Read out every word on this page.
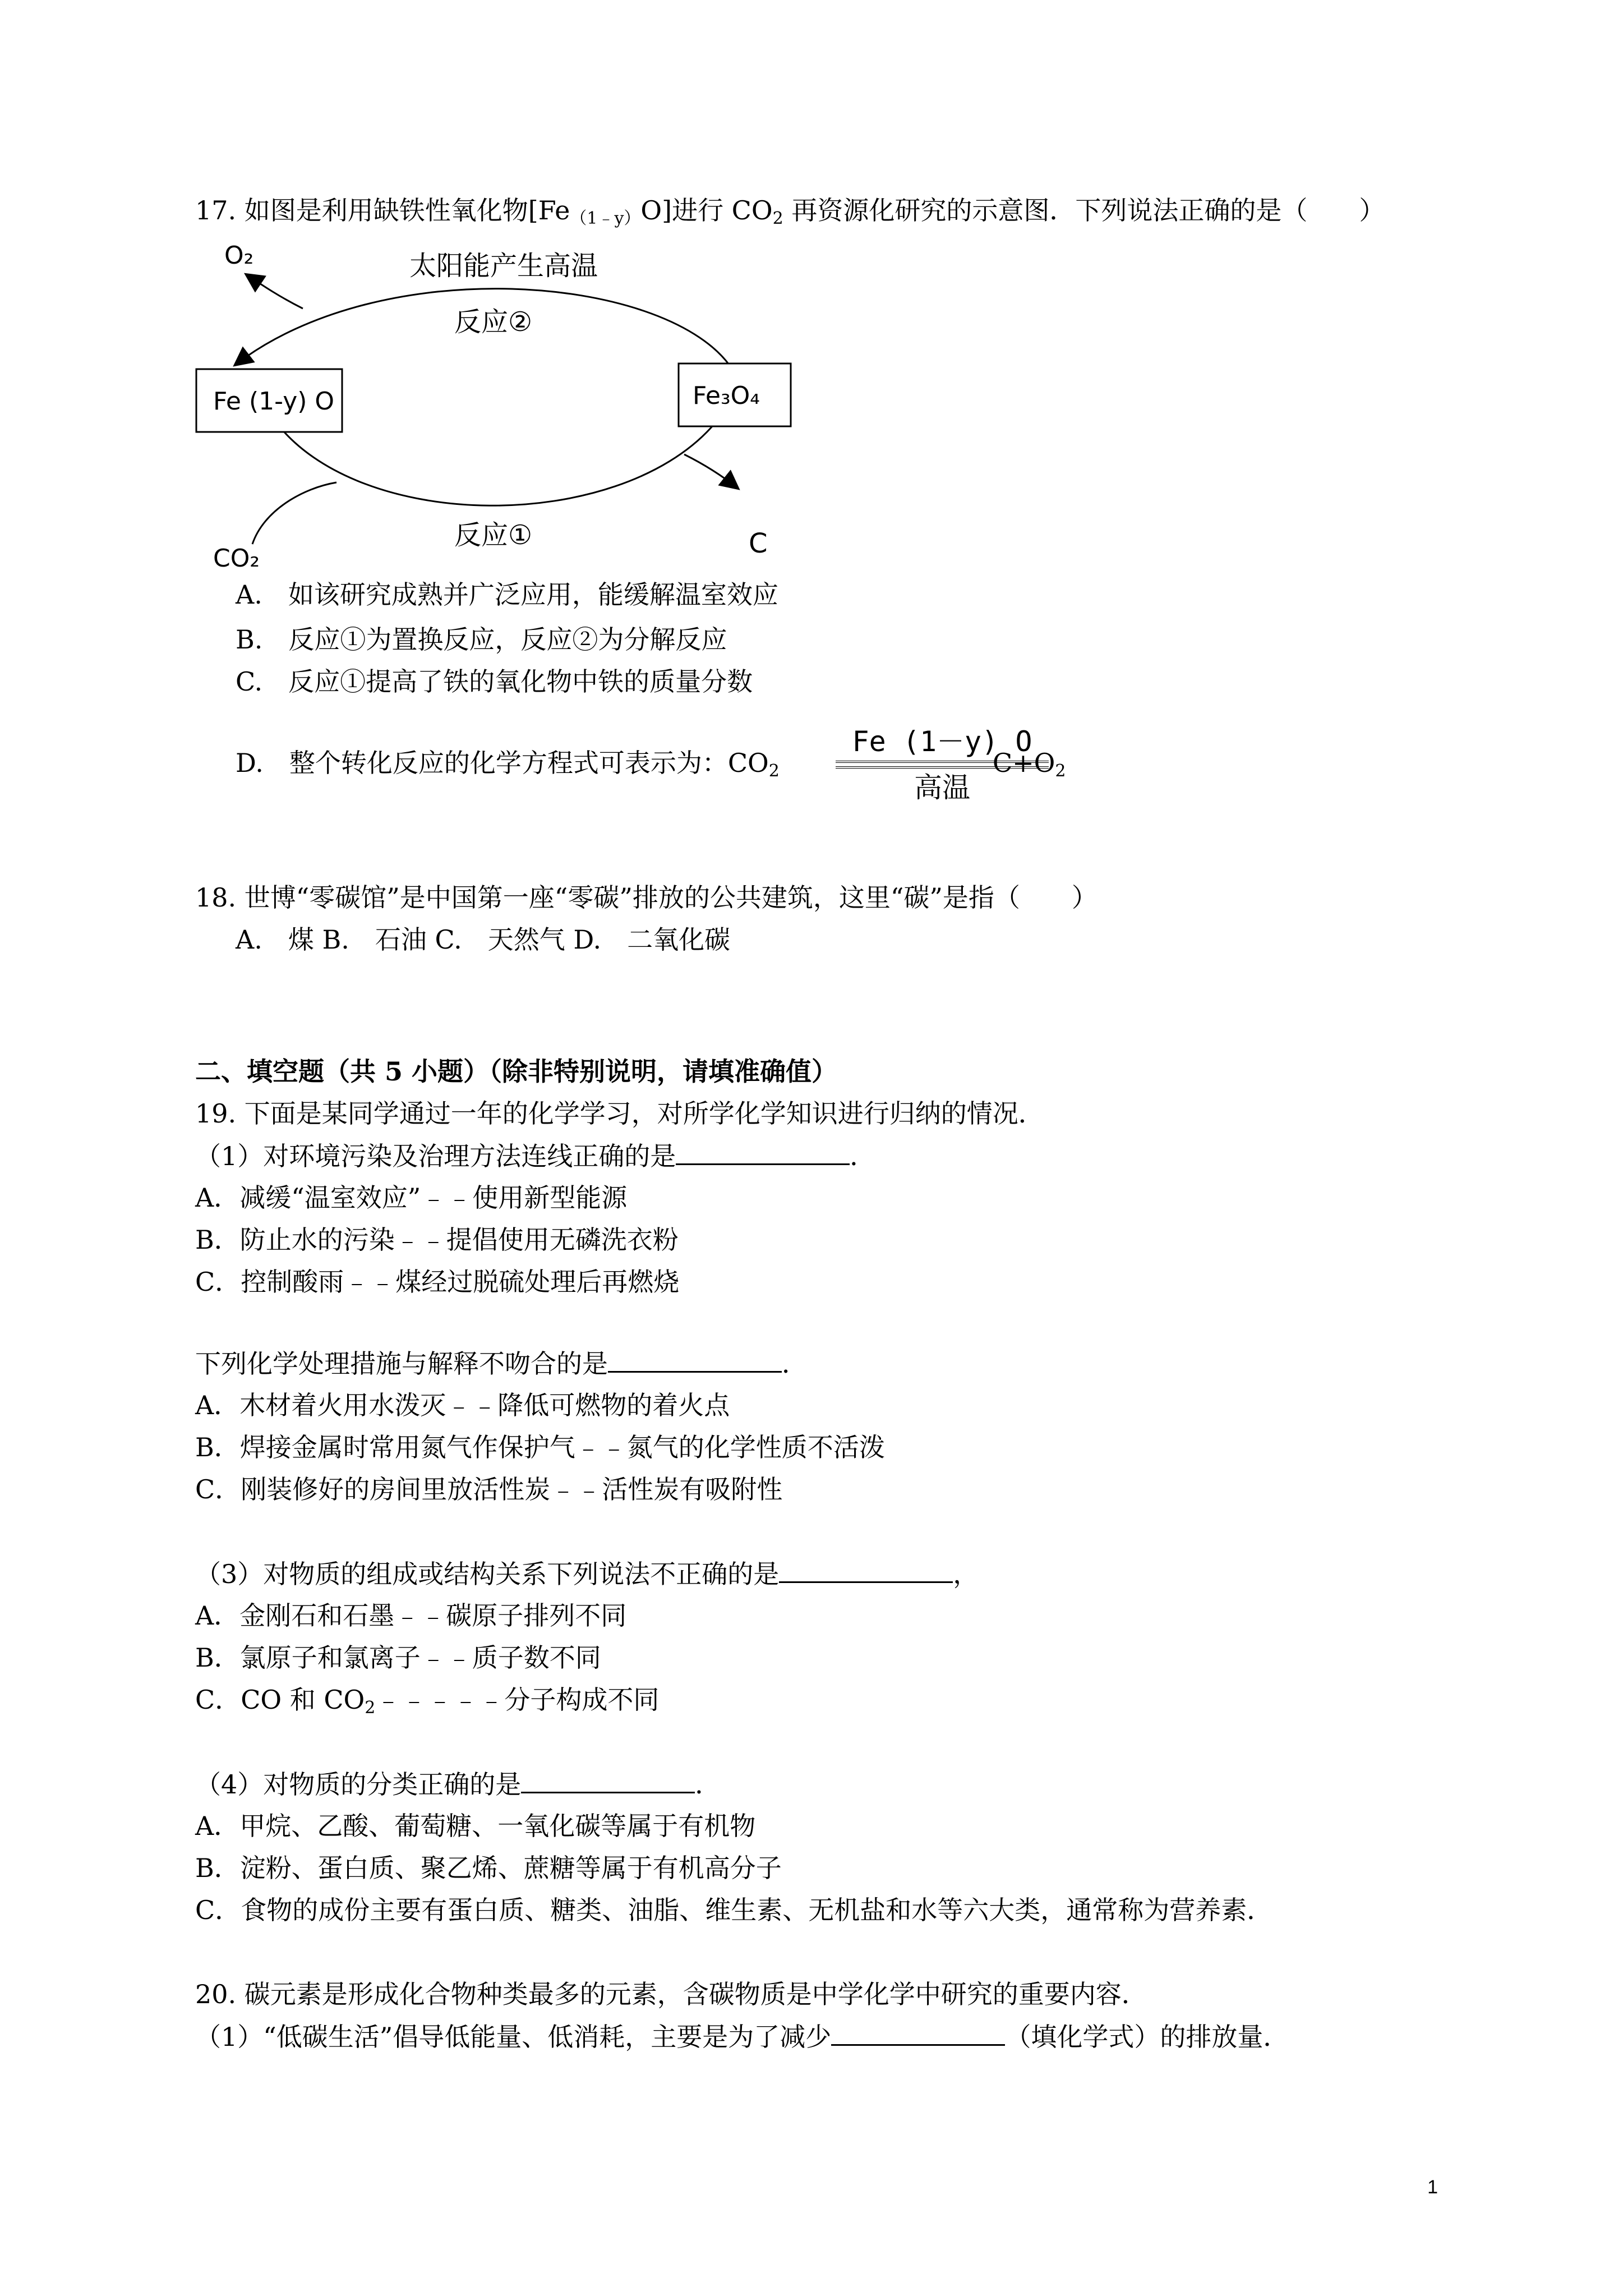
17. 如图是利用缺铁性氧化物$[Fe_{(1﹣y)}O]$进行 $CO_2$ 再资源化研究的示意图．下列说法正确的是（　　）
O₂	太阳能产生高温
反应②
Fe (1-y) O	Fe₃O₄
反应①
CO₂	C
A.　如该研究成熟并广泛应用，能缓解温室效应
B.　反应①为置换反应，反应②为分解反应
C.　反应①提高了铁的氧化物中铁的质量分数
D.　整个转化反应的化学方程式可表示为：$CO_2$	$C+O_2$
Fe (1－y) O
高温
18. 世博“零碳馆”是中国第一座“零碳”排放的公共建筑，这里“碳”是指（　　）
A.　煤 B.　石油 C.　天然气 D.　二氧化碳
二、填空题（共 5 小题）（除非特别说明，请填准确值）
19. 下面是某同学通过一年的化学学习，对所学化学知识进行归纳的情况．
（1）对环境污染及治理方法连线正确的是	．
A．减缓“温室效应”﹣﹣使用新型能源
B．防止水的污染﹣﹣提倡使用无磷洗衣粉
C．控制酸雨﹣﹣煤经过脱硫处理后再燃烧
下列化学处理措施与解释不吻合的是	．
A．木材着火用水泼灭﹣﹣降低可燃物的着火点
B．焊接金属时常用氮气作保护气﹣﹣氮气的化学性质不活泼
C．刚装修好的房间里放活性炭﹣﹣活性炭有吸附性
（3）对物质的组成或结构关系下列说法不正确的是	，
A．金刚石和石墨﹣﹣碳原子排列不同
B．氯原子和氯离子﹣﹣质子数不同
C．CO 和 $CO_2﹣﹣﹣﹣﹣$分子构成不同
（4）对物质的分类正确的是	．
A．甲烷、乙酸、葡萄糖、一氧化碳等属于有机物
B．淀粉、蛋白质、聚乙烯、蔗糖等属于有机高分子
C．食物的成份主要有蛋白质、糖类、油脂、维生素、无机盐和水等六大类，通常称为营养素．
20. 碳元素是形成化合物种类最多的元素，含碳物质是中学化学中研究的重要内容．
（1）“低碳生活”倡导低能量、低消耗，主要是为了减少	（填化学式）的排放量．
1
